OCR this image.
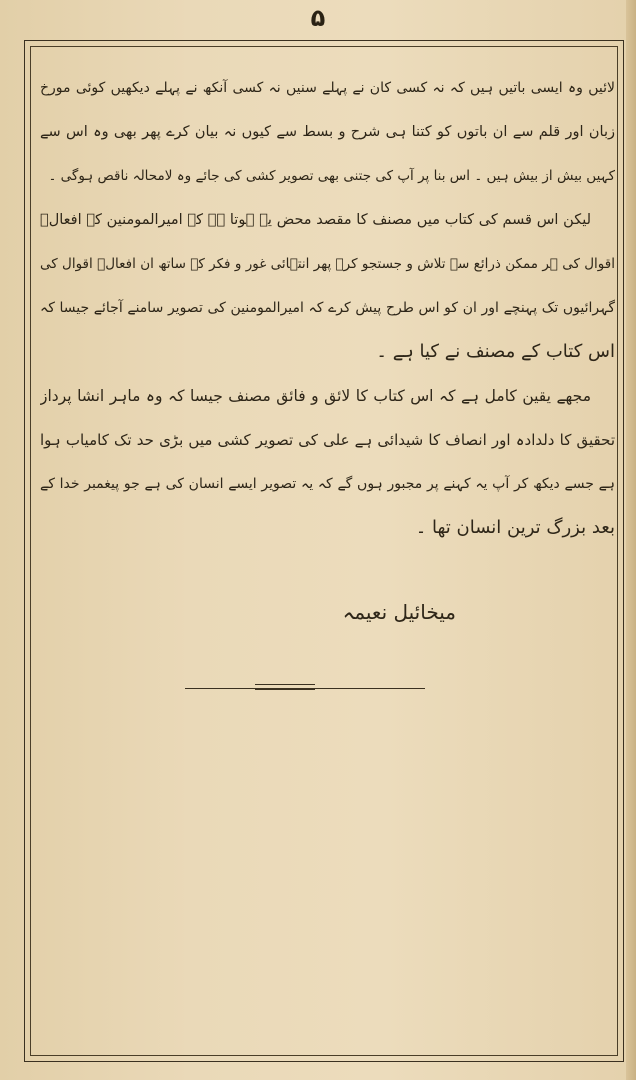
۵
لائیں وہ ایسی باتیں ہیں کہ نہ کسی کان نے پہلے سنیں نہ کسی آنکھ نے پہلے دیکھیں کوئی مورخ
زبان اور قلم سے ان باتوں کو کتنا ہی شرح و بسط سے کیوں نہ بیان کرے پھر بھی وہ اس سے
کہیں بیش از بیش ہیں ۔ اس بنا پر آپ کی جتنی بھی تصویر کشی کی جائے وہ لامحالہ ناقص ہوگی ۔
لیکن اس قسم کی کتاب میں مصنف کا مقصد محض یہ ہوتا ہے کہ امیرالمومنین کے افعالؑ
اقوال کی ہر ممکن ذرائع سے تلاش و جستجو کرے پھر انتہائی غور و فکر کے ساتھ ان افعالؑ اقوال کی
گہرائیوں تک پہنچے اور ان کو اس طرح پیش کرے کہ امیرالمومنین کی تصویر سامنے آجائے جیسا کہ
اس کتاب کے مصنف نے کیا ہے ۔
مجھے یقین کامل ہے کہ اس کتاب کا لائق و فائق مصنف جیسا کہ وہ ماہر انشا پرداز
تحقیق کا دلدادہ اور انصاف کا شیدائی ہے علی کی تصویر کشی میں بڑی حد تک کامیاب ہوا
ہے جسے دیکھ کر آپ یہ کہنے پر مجبور ہوں گے کہ یہ تصویر ایسے انسان کی ہے جو پیغمبر خدا کے
بعد بزرگ ترین انسان تھا ۔
میخائیل نعیمہ
